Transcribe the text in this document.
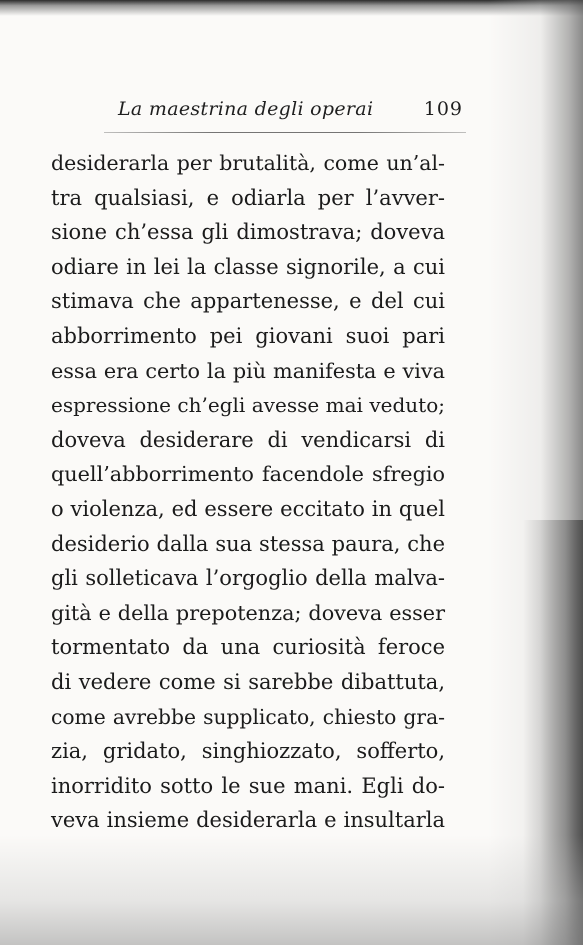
La maestrina degli operai	109
desiderarla per brutalità, come un’al-
tra qualsiasi, e odiarla per l’avver-
sione ch’essa gli dimostrava; doveva
odiare in lei la classe signorile, a cui
stimava che appartenesse, e del cui
abborrimento pei giovani suoi pari
essa era certo la più manifesta e viva
espressione ch’egli avesse mai veduto;
doveva desiderare di vendicarsi di
quell’abborrimento facendole sfregio
o violenza, ed essere eccitato in quel
desiderio dalla sua stessa paura, che
gli solleticava l’orgoglio della malva-
gità e della prepotenza; doveva esser
tormentato da una curiosità feroce
di vedere come si sarebbe dibattuta,
come avrebbe supplicato, chiesto gra-
zia, gridato, singhiozzato, sofferto,
inorridito sotto le sue mani. Egli do-
veva insieme desiderarla e insultarla
